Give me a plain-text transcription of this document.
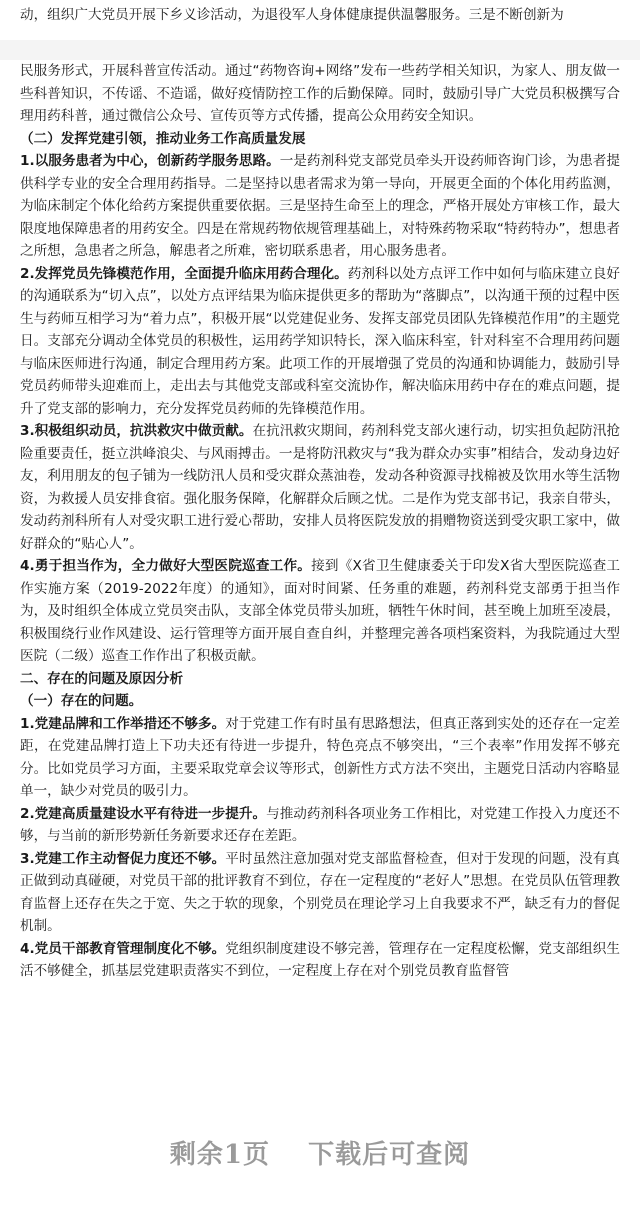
动，组织广大党员开展下乡义诊活动，为退役军人身体健康提供温馨服务。三是不断创新为

民服务形式，开展科普宣传活动。通过“药物咨询+网络”发布一些药学相关知识，为家人、朋友做一些科普知识，不传谣、不造谣，做好疫情防控工作的后勤保障。同时，鼓励引导广大党员积极撰写合理用药科普，通过微信公众号、宣传页等方式传播，提高公众用药安全知识。

（二）发挥党建引领，推动业务工作高质量发展

1.以服务患者为中心，创新药学服务思路。一是药剂科党支部党员牵头开设药师咨询门诊，为患者提供科学专业的安全合理用药指导。二是坚持以患者需求为第一导向，开展更全面的个体化用药监测，为临床制定个体化给药方案提供重要依据。三是坚持生命至上的理念，严格开展处方审核工作，最大限度地保障患者的用药安全。四是在常规药物依规管理基础上，对特殊药物采取“特药特办”，想患者之所想，急患者之所急，解患者之所难，密切联系患者，用心服务患者。

2.发挥党员先锋模范作用，全面提升临床用药合理化。药剂科以处方点评工作中如何与临床建立良好的沟通联系为“切入点”，以处方点评结果为临床提供更多的帮助为“落脚点”，以沟通干预的过程中医生与药师互相学习为“着力点”，积极开展“以党建促业务、发挥支部党员团队先锋模范作用”的主题党日。支部充分调动全体党员的积极性，运用药学知识特长，深入临床科室，针对科室不合理用药问题与临床医师进行沟通，制定合理用药方案。此项工作的开展增强了党员的沟通和协调能力，鼓励引导党员药师带头迎难而上，走出去与其他党支部或科室交流协作，解决临床用药中存在的难点问题，提升了党支部的影响力，充分发挥党员药师的先锋模范作用。

3.积极组织动员，抗洪救灾中做贡献。在抗汛救灾期间，药剂科党支部火速行动，切实担负起防汛抢险重要责任，挺立洪峰浪尖、与风雨搏击。一是将防汛救灾与“我为群众办实事”相结合，发动身边好友，利用朋友的包子铺为一线防汛人员和受灾群众蒸油卷，发动各种资源寻找棉被及饮用水等生活物资，为救援人员安排食宿。强化服务保障，化解群众后顾之忧。二是作为党支部书记，我亲自带头，发动药剂科所有人对受灾职工进行爱心帮助，安排人员将医院发放的捐赠物资送到受灾职工家中，做好群众的“贴心人”。

4.勇于担当作为，全力做好大型医院巡查工作。接到《X省卫生健康委关于印发X省大型医院巡查工作实施方案（2019-2022年度）的通知》，面对时间紧、任务重的难题，药剂科党支部勇于担当作为，及时组织全体成立党员突击队，支部全体党员带头加班，牺牲午休时间，甚至晚上加班至凌晨，积极围绕行业作风建设、运行管理等方面开展自查自纠，并整理完善各项档案资料，为我院通过大型医院（二级）巡查工作作出了积极贡献。

二、存在的问题及原因分析

（一）存在的问题。

1.党建品牌和工作举措还不够多。对于党建工作有时虽有思路想法，但真正落到实处的还存在一定差距，在党建品牌打造上下功夫还有待进一步提升，特色亮点不够突出，“三个表率”作用发挥不够充分。比如党员学习方面，主要采取党章会议等形式，创新性方式方法不突出，主题党日活动内容略显单一，缺少对党员的吸引力。

2.党建高质量建设水平有待进一步提升。与推动药剂科各项业务工作相比，对党建工作投入力度还不够，与当前的新形势新任务新要求还存在差距。

3.党建工作主动督促力度还不够。平时虽然注意加强对党支部监督检查，但对于发现的问题，没有真正做到动真碰硬，对党员干部的批评教育不到位，存在一定程度的“老好人”思想。在党员队伍管理教育监督上还存在失之于宽、失之于软的现象，个别党员在理论学习上自我要求不严，缺乏有力的督促机制。

4.党员干部教育管理制度化不够。党组织制度建设不够完善，管理存在一定程度松懈，党支部组织生活不够健全，抓基层党建职责落实不到位，一定程度上存在对个别党员教育监督管

剩余1页 下载后可查阅
